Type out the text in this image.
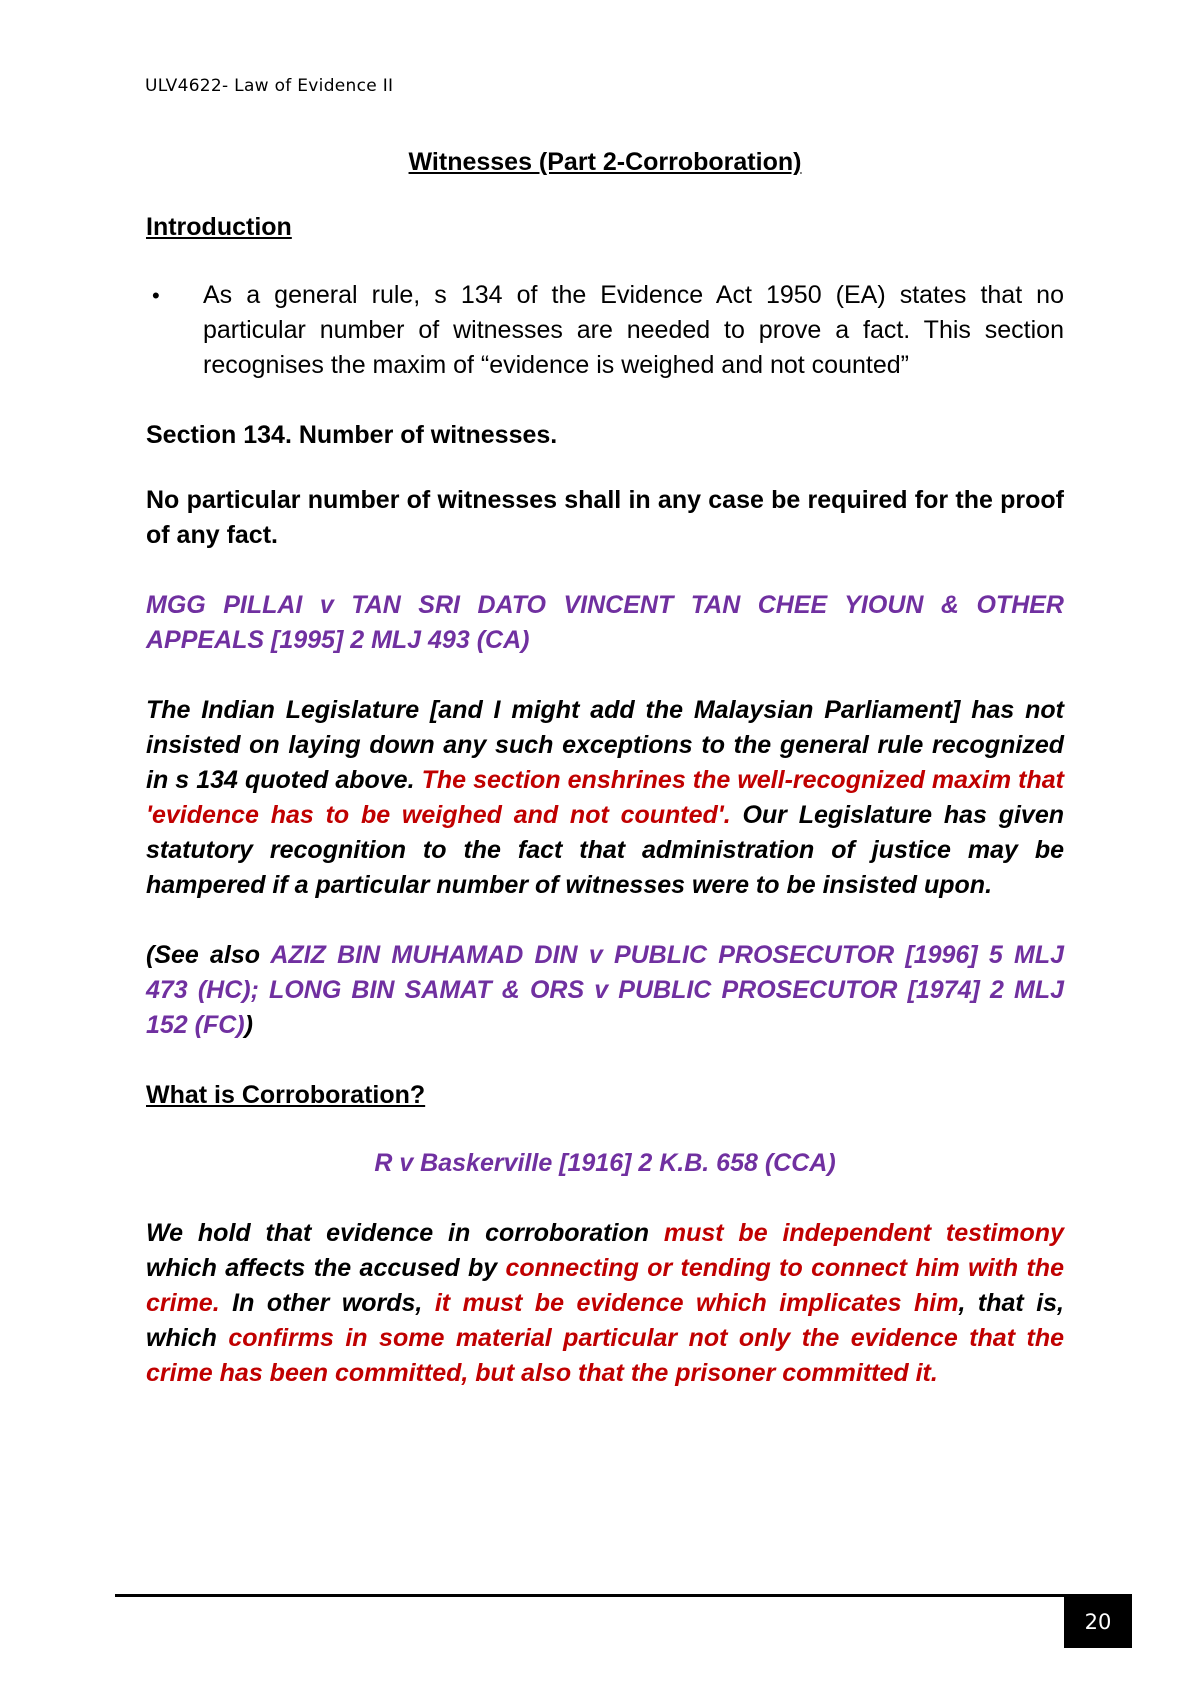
ULV4622- Law of Evidence II

Witnesses (Part 2-Corroboration)

Introduction

• As a general rule, s 134 of the Evidence Act 1950 (EA) states that no particular number of witnesses are needed to prove a fact. This section recognises the maxim of “evidence is weighed and not counted”

Section 134. Number of witnesses.

No particular number of witnesses shall in any case be required for the proof of any fact.

MGG PILLAI v TAN SRI DATO VINCENT TAN CHEE YIOUN & OTHER APPEALS [1995] 2 MLJ 493 (CA)

The Indian Legislature [and I might add the Malaysian Parliament] has not insisted on laying down any such exceptions to the general rule recognized in s 134 quoted above. The section enshrines the well-recognized maxim that 'evidence has to be weighed and not counted'. Our Legislature has given statutory recognition to the fact that administration of justice may be hampered if a particular number of witnesses were to be insisted upon.

(See also AZIZ BIN MUHAMAD DIN v PUBLIC PROSECUTOR [1996] 5 MLJ 473 (HC); LONG BIN SAMAT & ORS v PUBLIC PROSECUTOR [1974] 2 MLJ 152 (FC))

What is Corroboration?

R v Baskerville [1916] 2 K.B. 658 (CCA)

We hold that evidence in corroboration must be independent testimony which affects the accused by connecting or tending to connect him with the crime. In other words, it must be evidence which implicates him, that is, which confirms in some material particular not only the evidence that the crime has been committed, but also that the prisoner committed it.

20
